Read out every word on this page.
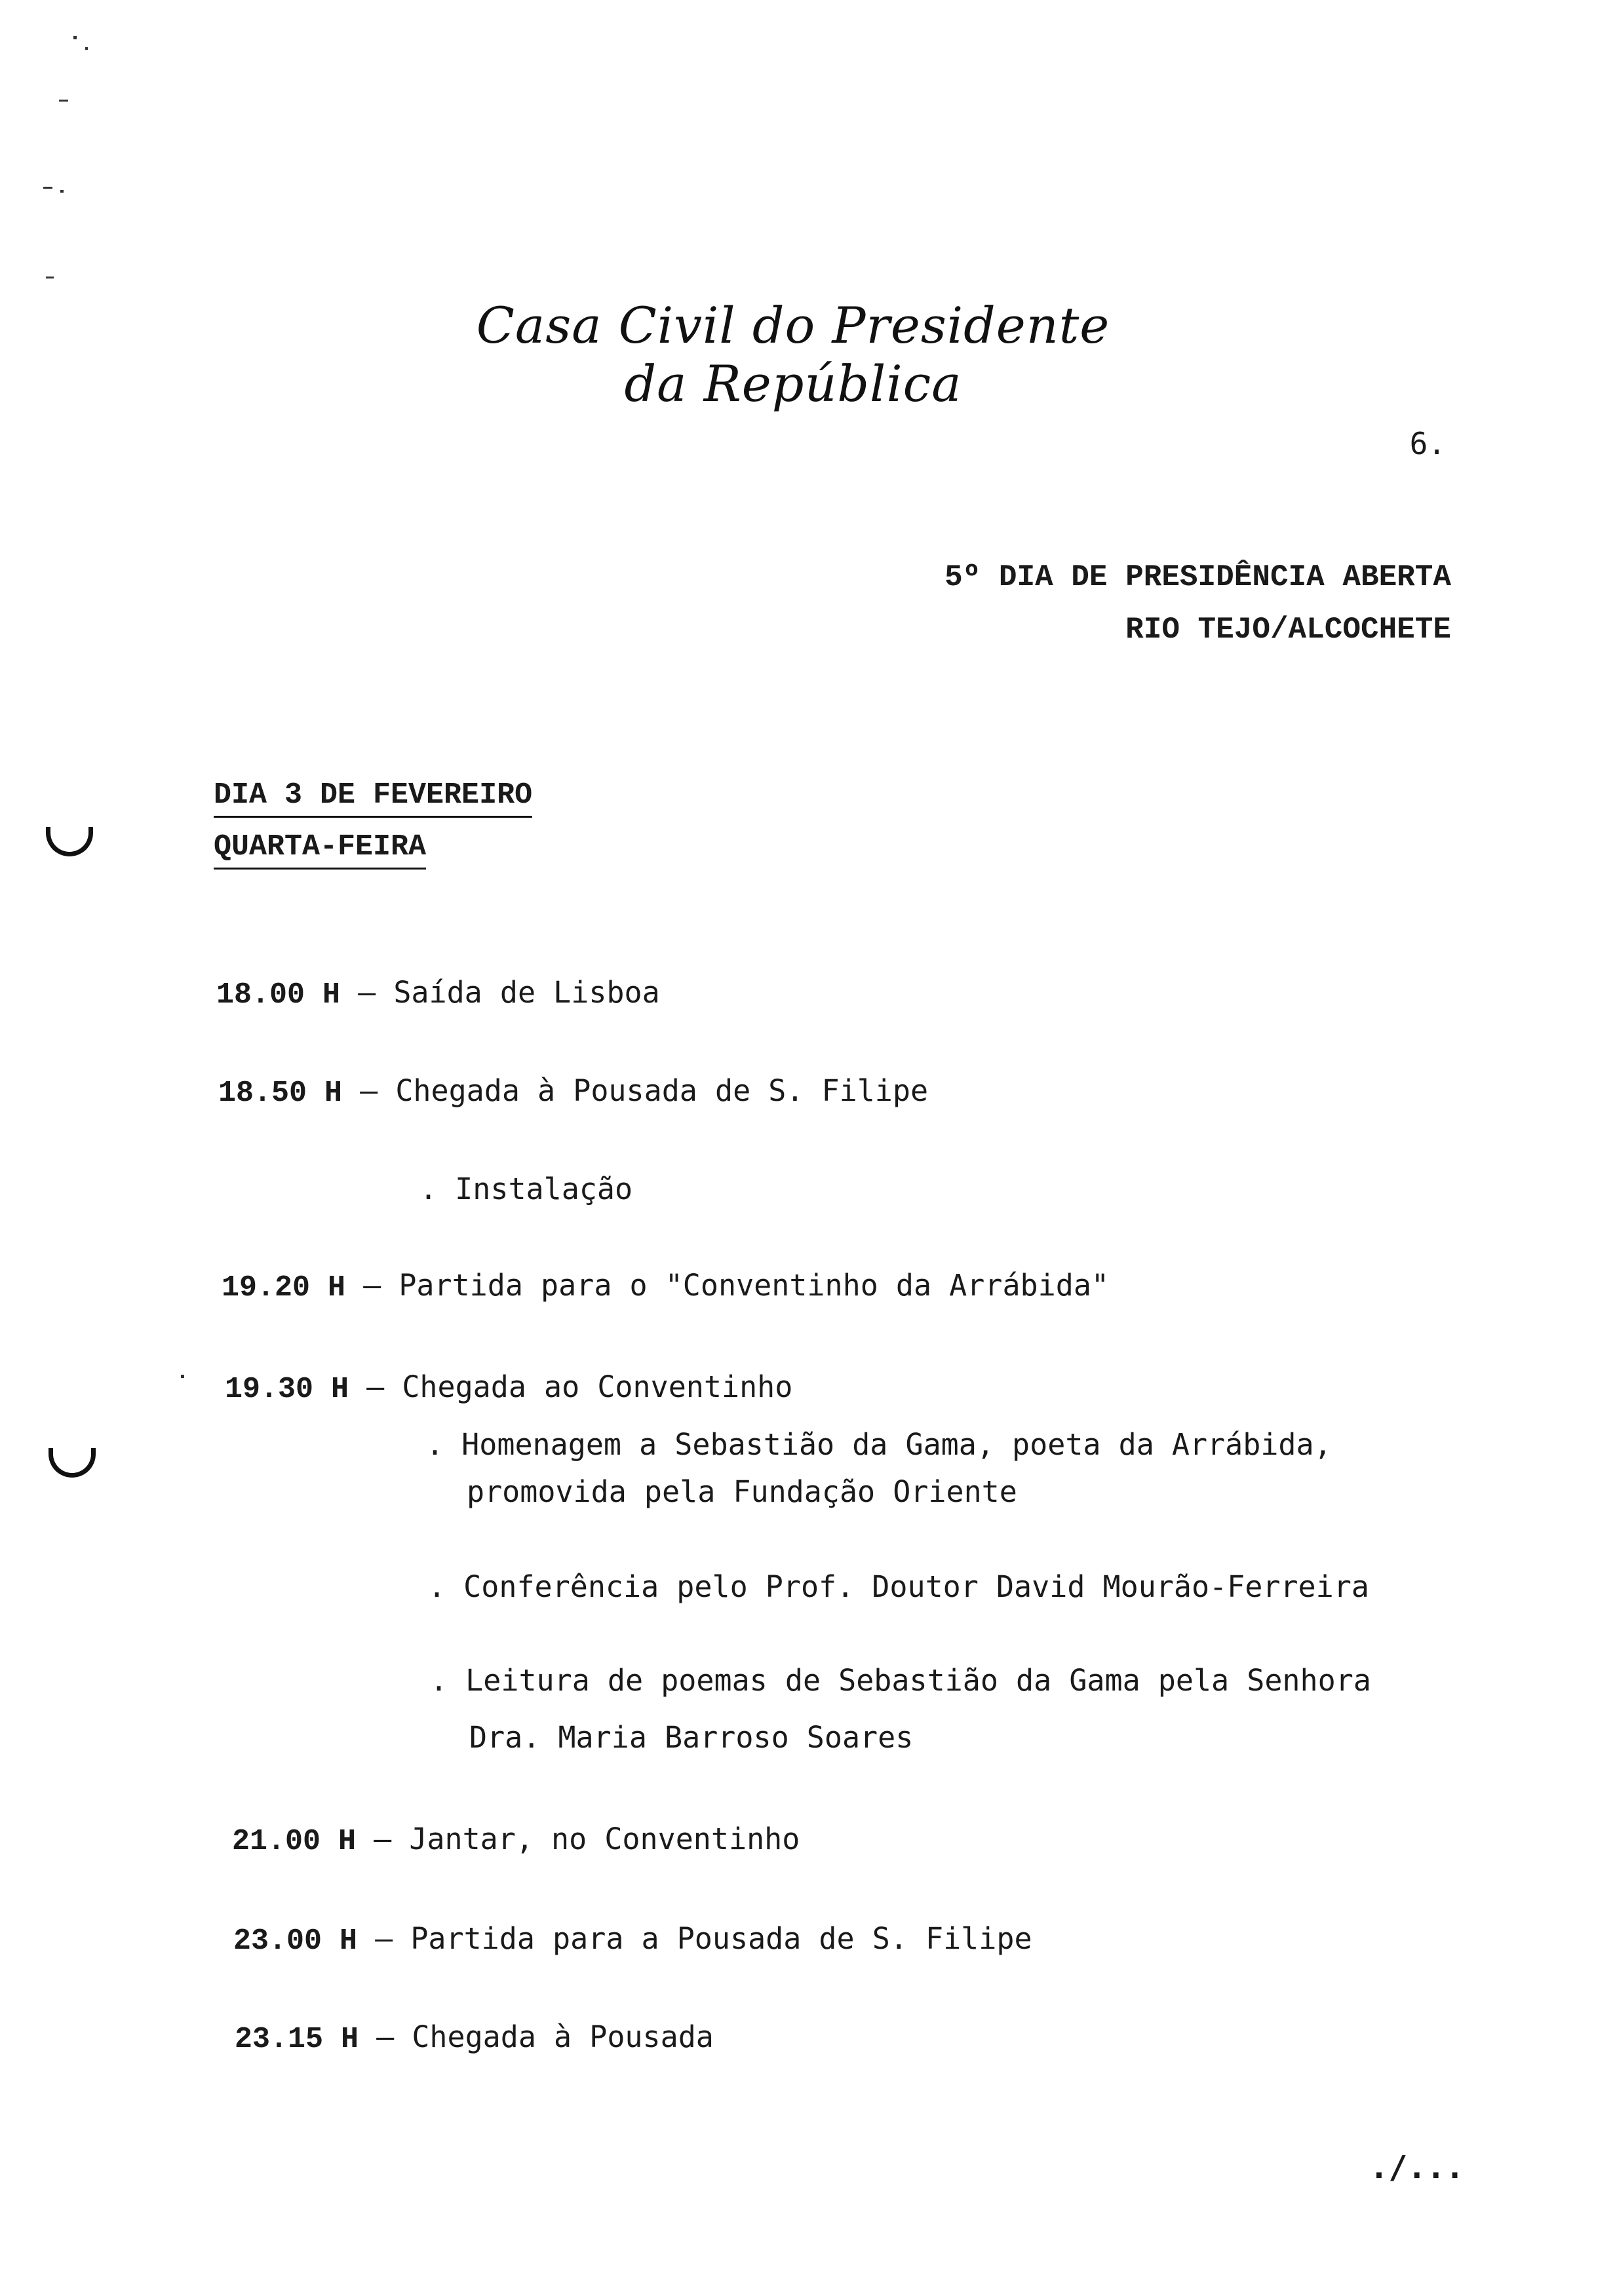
Casa Civil do Presidente da República
6.
5º DIA DE PRESIDÊNCIA ABERTA
RIO TEJO/ALCOCHETE
DIA 3 DE FEVEREIRO
QUARTA-FEIRA
18.00 H – Saída de Lisboa
18.50 H – Chegada à Pousada de S. Filipe
. Instalação
19.20 H – Partida para o "Conventinho da Arrábida"
19.30 H – Chegada ao Conventinho
. Homenagem a Sebastião da Gama, poeta da Arrábida,
promovida pela Fundação Oriente
. Conferência pelo Prof. Doutor David Mourão-Ferreira
. Leitura de poemas de Sebastião da Gama pela Senhora
Dra. Maria Barroso Soares
21.00 H – Jantar, no Conventinho
23.00 H – Partida para a Pousada de S. Filipe
23.15 H – Chegada à Pousada
./...
